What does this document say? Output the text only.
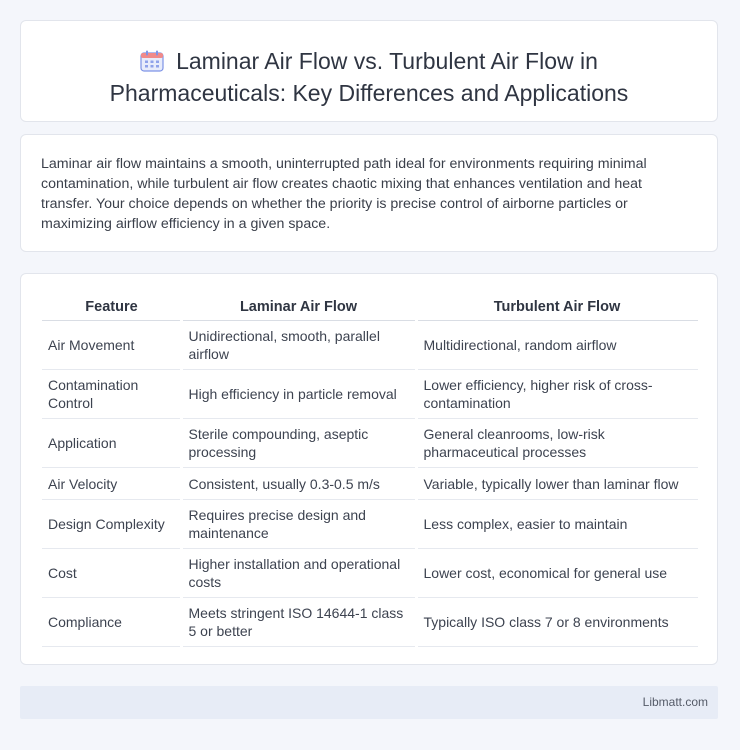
Laminar Air Flow vs. Turbulent Air Flow in Pharmaceuticals: Key Differences and Applications

Laminar air flow maintains a smooth, uninterrupted path ideal for environments requiring minimal contamination, while turbulent air flow creates chaotic mixing that enhances ventilation and heat transfer. Your choice depends on whether the priority is precise control of airborne particles or maximizing airflow efficiency in a given space.

Feature	Laminar Air Flow	Turbulent Air Flow
Air Movement	Unidirectional, smooth, parallel airflow	Multidirectional, random airflow
Contamination Control	High efficiency in particle removal	Lower efficiency, higher risk of cross-contamination
Application	Sterile compounding, aseptic processing	General cleanrooms, low-risk pharmaceutical processes
Air Velocity	Consistent, usually 0.3-0.5 m/s	Variable, typically lower than laminar flow
Design Complexity	Requires precise design and maintenance	Less complex, easier to maintain
Cost	Higher installation and operational costs	Lower cost, economical for general use
Compliance	Meets stringent ISO 14644-1 class 5 or better	Typically ISO class 7 or 8 environments
Libmatt.com
